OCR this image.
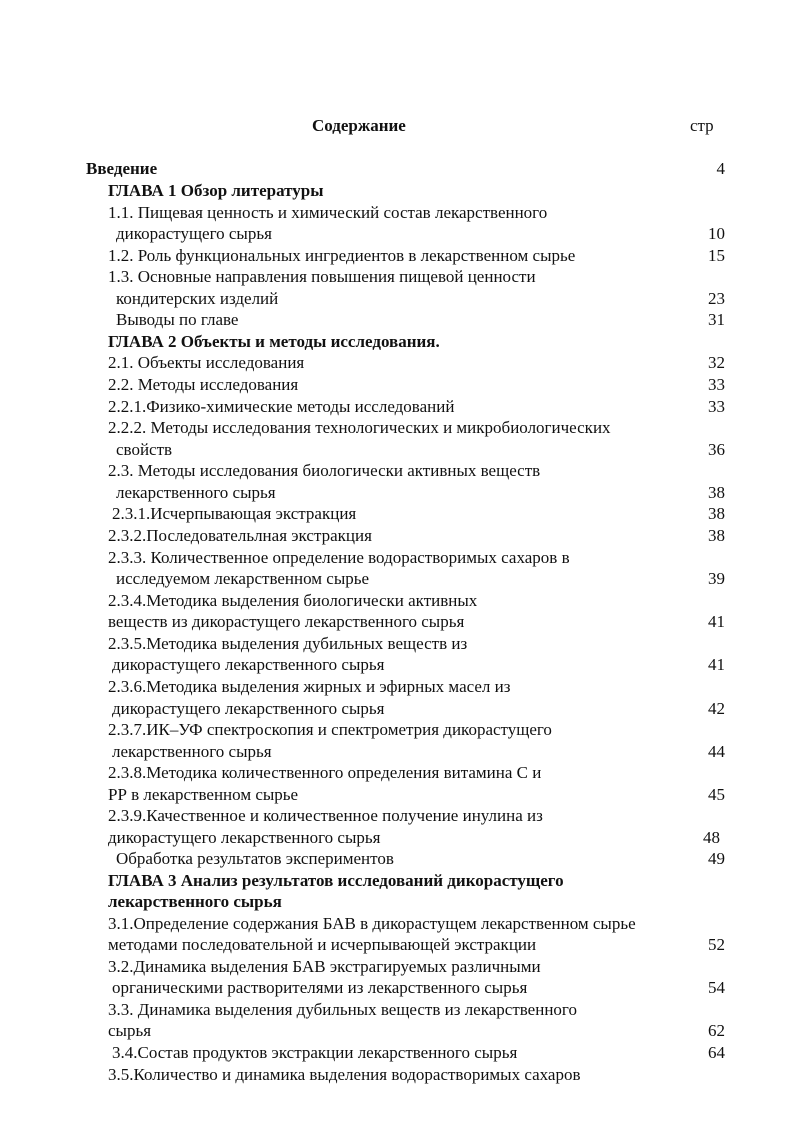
Содержание	стр
Введение	4
ГЛАВА 1 Обзор литературы
1.1. Пищевая ценность и химический состав лекарственного
дикорастущего сырья	10
1.2. Роль функциональных ингредиентов в лекарственном сырье	15
1.3. Основные направления повышения пищевой ценности
кондитерских изделий	23
Выводы по главе	31
ГЛАВА 2 Объекты и методы исследования.
2.1. Объекты исследования	32
2.2. Методы исследования	33
2.2.1.Физико-химические методы исследований	33
2.2.2. Методы исследования технологических и микробиологических
свойств	36
2.3. Методы исследования биологически активных веществ
лекарственного сырья	38
2.3.1.Исчерпывающая экстракция	38
2.3.2.Последовательлная экстракция	38
2.3.3. Количественное определение водорастворимых сахаров в
исследуемом лекарственном сырье	39
2.3.4.Методика выделения биологически активных
веществ из дикорастущего лекарственного сырья	41
2.3.5.Методика выделения дубильных веществ из
дикорастущего лекарственного сырья	41
2.3.6.Методика выделения жирных и эфирных масел из
дикорастущего лекарственного сырья	42
2.3.7.ИК–УФ спектроскопия и спектрометрия дикорастущего
лекарственного сырья	44
2.3.8.Методика количественного определения витамина С и
РР в лекарственном сырье	45
2.3.9.Качественное и количественное получение инулина из
дикорастущего лекарственного сырья	48
Обработка результатов экспериментов	49
ГЛАВА 3 Анализ результатов исследований дикорастущего
лекарственного сырья
3.1.Определение содержания БАВ в дикорастущем лекарственном сырье
методами последовательной и исчерпывающей экстракции	52
3.2.Динамика выделения БАВ экстрагируемых различными
органическими растворителями из лекарственного сырья	54
3.3. Динамика выделения дубильных веществ из лекарственного
сырья	62
3.4.Состав продуктов экстракции лекарственного сырья	64
3.5.Количество и динамика выделения водорастворимых сахаров
